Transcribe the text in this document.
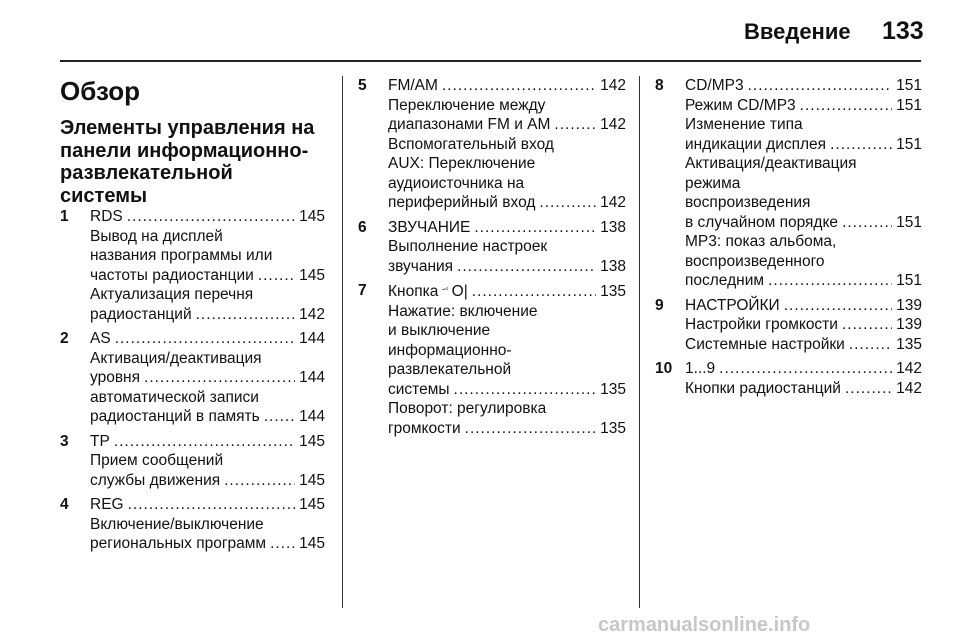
Введение 133
Обзор
Элементы управления на
панели информационно-
развлекательной системы
1 RDS .....	145
Вывод на дисплей
названия программы или
частоты радиостанции .....	145
Актуализация перечня
радиостанций .....	142
2 AS .....	144
Активация/деактивация
уровня .....	144
автоматической записи
радиостанций в память .....	144
3 TP .....	145
Прием сообщений
службы движения .....	145
4 REG .....	145
Включение/выключение
региональных программ ..... 145
5 FM/AM .....	142
Переключение между
диапазонами FM и AM .....	142
Вспомогательный вход
AUX: Переключение
аудиоисточника на
периферийный вход .....	142
6 ЗВУЧАНИЕ .....	138
Выполнение настроек
звучания .....	138
7 Кнопка O| .....	135
Нажатие: включение
и выключение
информационно-
развлекательной
системы .....	135
Поворот: регулировка
громкости .....	135
8 CD/MP3 .....	151
Режим CD/MP3 .....	151
Изменение типа
индикации дисплея .....	151
Активация/деактивация
режима
воспроизведения
в случайном порядке .....	151
MP3: показ альбома,
воспроизведенного
последним .....	151
9 НАСТРОЙКИ .....	139
Настройки громкости .....	139
Системные настройки .....	135
10 1...9 .....	142
Кнопки радиостанций .....	142
carmanualsonline.info
